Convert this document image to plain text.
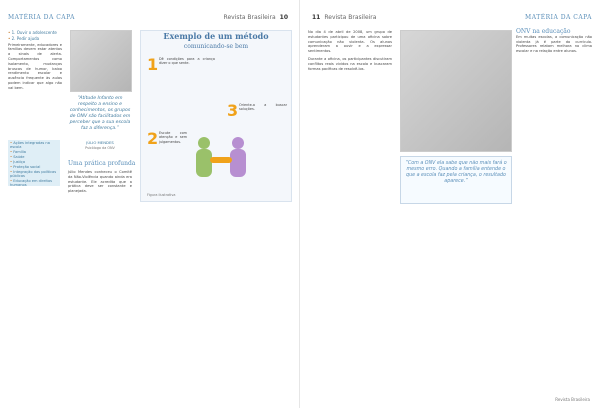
MATÉRIA DA CAPA	Revista Brasileira 10
• 1. Ouvir o adolescente
• 2. Pedir ajuda

Primeiramente, educadores e famílias devem estar atentos a sinais de alerta. Comportamentos como isolamento, mudanças bruscas de humor, baixo rendimento escolar e ausência frequente às aulas podem indicar que algo não vai bem.

• Ações integradas na escola
• Família
• Saúde
• Justiça
• Proteção social
• Integração das políticas públicas
• Educação em direitos humanos
“Atitude Infanto em respeito a ensino e conhecimentos, os grupos de ONV são facilitados em perceber que a sua escola faz a diferença.”
JÚLIO MENDES
Psicólogo da ONV
Uma prática profunda

Júlio Mendes conheceu o Comitê da Não-Violência quando ainda era estudante. Ele acredita que a prática deve ser constante e planejada.

Exemplo de um método
comunicando-se bem
1 Dê condições para a criança dizer o que sente.
2 Escute com atenção e sem julgamentos.
3 Oriente-a a buscar soluções.
Figura ilustrativa
11 Revista Brasileira	MATÉRIA DA CAPA

No dia 4 de abril de 2008, um grupo de estudantes participou de uma oficina sobre comunicação não violenta. Os alunos aprenderam a ouvir e a expressar sentimentos.

Durante a oficina, os participantes discutiram conflitos reais vividos na escola e buscaram formas pacíficas de resolvê-los.

“Com a ONV ela sabe que não mais fará o mesmo erro. Quando a família entende o que a escola faz pela criança, o resultado aparece.”
ONV na educação

Em muitas escolas, a comunicação não violenta já é parte do currículo. Professores relatam melhora no clima escolar e na relação entre alunos.

Revista Brasileira
